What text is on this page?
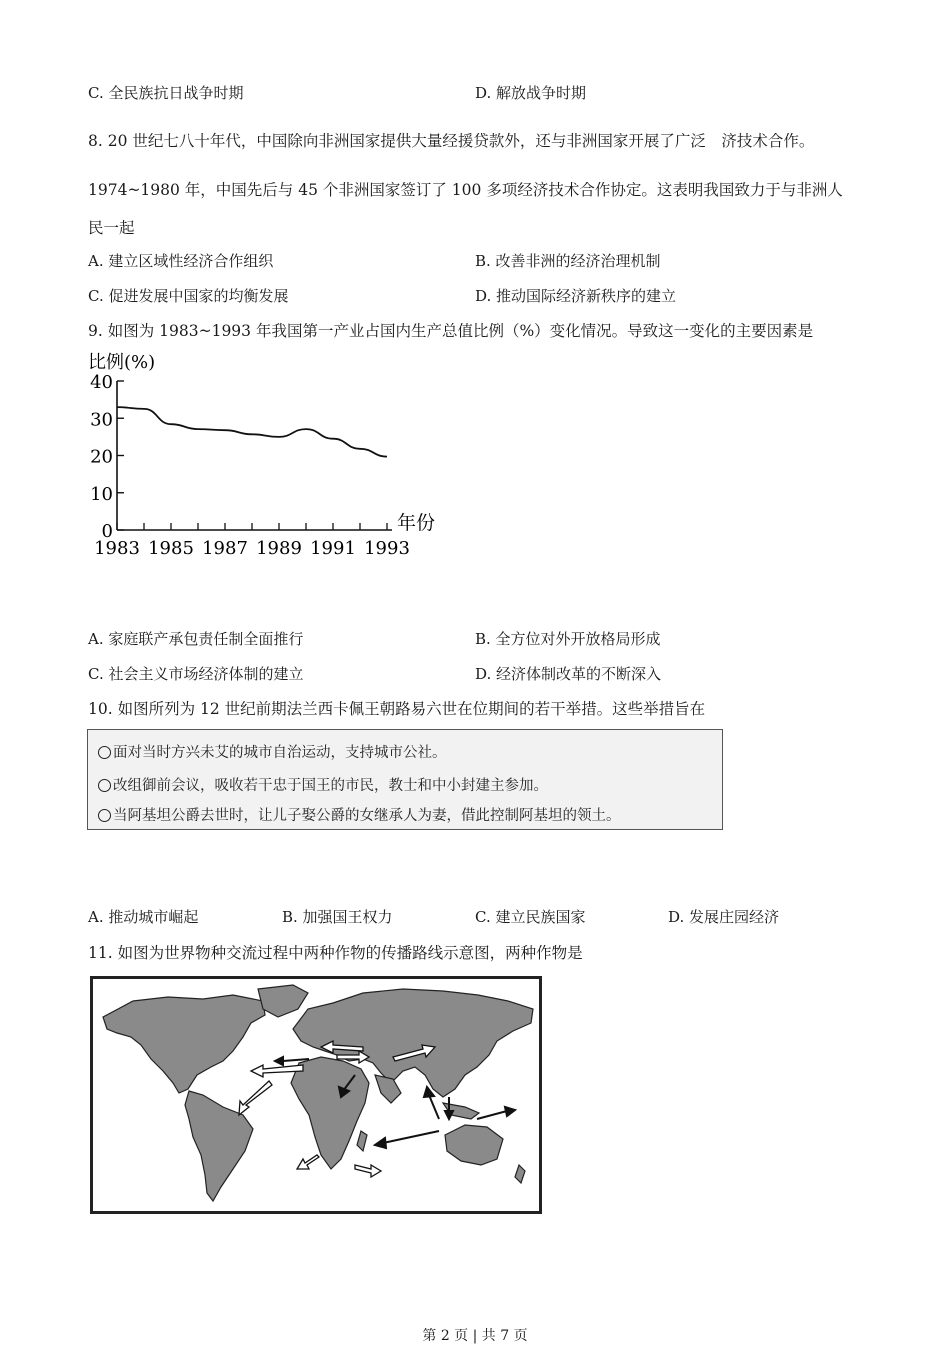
C. 全民族抗日战争时期	D. 解放战争时期
8. 20 世纪七八十年代，中国除向非洲国家提供大量经援贷款外，还与非洲国家开展了广泛　济技术合作。
1974~1980 年，中国先后与 45 个非洲国家签订了 100 多项经济技术合作协定。这表明我国致力于与非洲人
民一起
A. 建立区域性经济合作组织	B. 改善非洲的经济治理机制
C. 促进发展中国家的均衡发展	D. 推动国际经济新秩序的建立
9. 如图为 1983~1993 年我国第一产业占国内生产总值比例（%）变化情况。导致这一变化的主要因素是
比例(%)
0
10
20
30
40
1983 1985 1987 1989 1991 1993
年份
A. 家庭联产承包责任制全面推行	B. 全方位对外开放格局形成
C. 社会主义市场经济体制的建立	D. 经济体制改革的不断深入
10. 如图所列为 12 世纪前期法兰西卡佩王朝路易六世在位期间的若干举措。这些举措旨在
面对当时方兴未艾的城市自治运动，支持城市公社。
改组御前会议，吸收若干忠于国王的市民，教士和中小封建主参加。
当阿基坦公爵去世时，让儿子娶公爵的女继承人为妻，借此控制阿基坦的领土。
A. 推动城市崛起	B. 加强国王权力	C. 建立民族国家	D. 发展庄园经济
11. 如图为世界物种交流过程中两种作物的传播路线示意图，两种作物是
第 2 页 | 共 7 页
